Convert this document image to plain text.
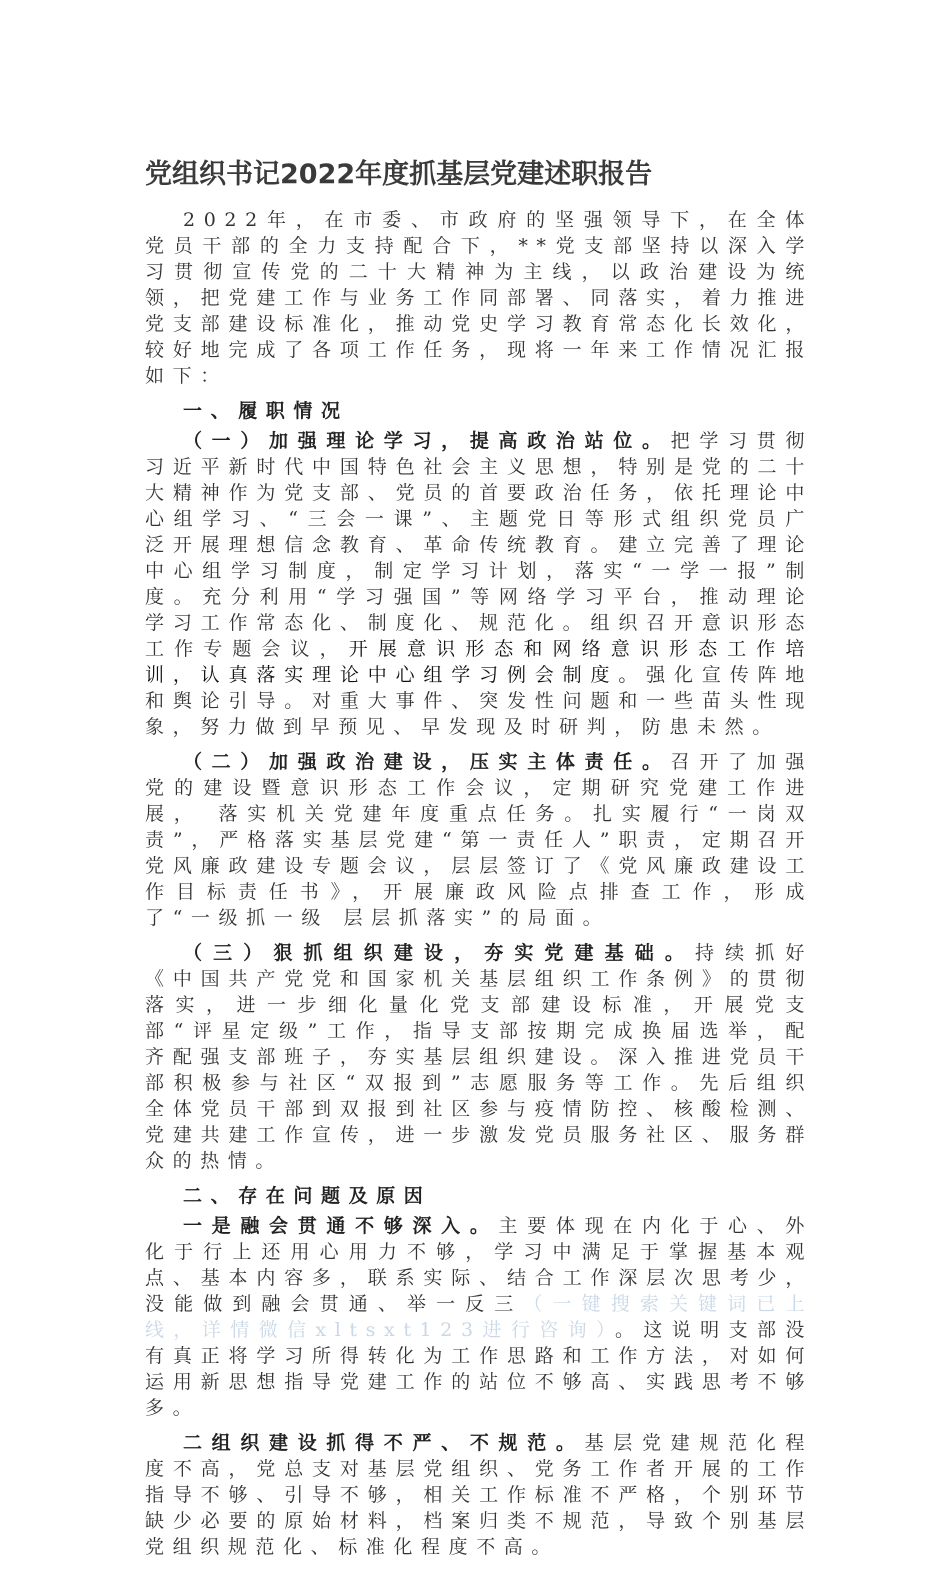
党组织书记2022年度抓基层党建述职报告

2022年，在市委、市政府的坚强领导下，在全体党员干部的全力支持配合下，**党支部坚持以深入学习贯彻宣传党的二十大精神为主线，以政治建设为统领，把党建工作与业务工作同部署、同落实，着力推进党支部建设标准化，推动党史学习教育常态化长效化，较好地完成了各项工作任务，现将一年来工作情况汇报如下：

一、履职情况

（一）加强理论学习，提高政治站位。把学习贯彻习近平新时代中国特色社会主义思想，特别是党的二十大精神作为党支部、党员的首要政治任务，依托理论中心组学习、“三会一课”、主题党日等形式组织党员广泛开展理想信念教育、革命传统教育。建立完善了理论中心组学习制度，制定学习计划，落实“一学一报”制度。充分利用“学习强国”等网络学习平台，推动理论学习工作常态化、制度化、规范化。组织召开意识形态工作专题会议，开展意识形态和网络意识形态工作培训，认真落实理论中心组学习例会制度。强化宣传阵地和舆论引导。对重大事件、突发性问题和一些苗头性现象，努力做到早预见、早发现及时研判，防患未然。

（二）加强政治建设，压实主体责任。召开了加强党的建设暨意识形态工作会议，定期研究党建工作进展， 落实机关党建年度重点任务。扎实履行“一岗双责”，严格落实基层党建“第一责任人”职责，定期召开党风廉政建设专题会议，层层签订了《党风廉政建设工作目标责任书》，开展廉政风险点排查工作，形成了“一级抓一级 层层抓落实”的局面。

（三）狠抓组织建设，夯实党建基础。持续抓好《中国共产党党和国家机关基层组织工作条例》的贯彻落实，进一步细化量化党支部建设标准，开展党支部“评星定级”工作，指导支部按期完成换届选举，配齐配强支部班子，夯实基层组织建设。深入推进党员干部积极参与社区“双报到”志愿服务等工作。先后组织全体党员干部到双报到社区参与疫情防控、核酸检测、党建共建工作宣传，进一步激发党员服务社区、服务群众的热情。

二、存在问题及原因

一是融会贯通不够深入。主要体现在内化于心、外化于行上还用心用力不够，学习中满足于掌握基本观点、基本内容多，联系实际、结合工作深层次思考少，没能做到融会贯通、举一反三（一键搜索关键词已上线，详情微信xltsxt123进行咨询）。这说明支部没有真正将学习所得转化为工作思路和工作方法，对如何运用新思想指导党建工作的站位不够高、实践思考不够多。

二组织建设抓得不严、不规范。基层党建规范化程度不高，党总支对基层党组织、党务工作者开展的工作指导不够、引导不够，相关工作标准不严格，个别环节缺少必要的原始材料，档案归类不规范，导致个别基层党组织规范化、标准化程度不高。
